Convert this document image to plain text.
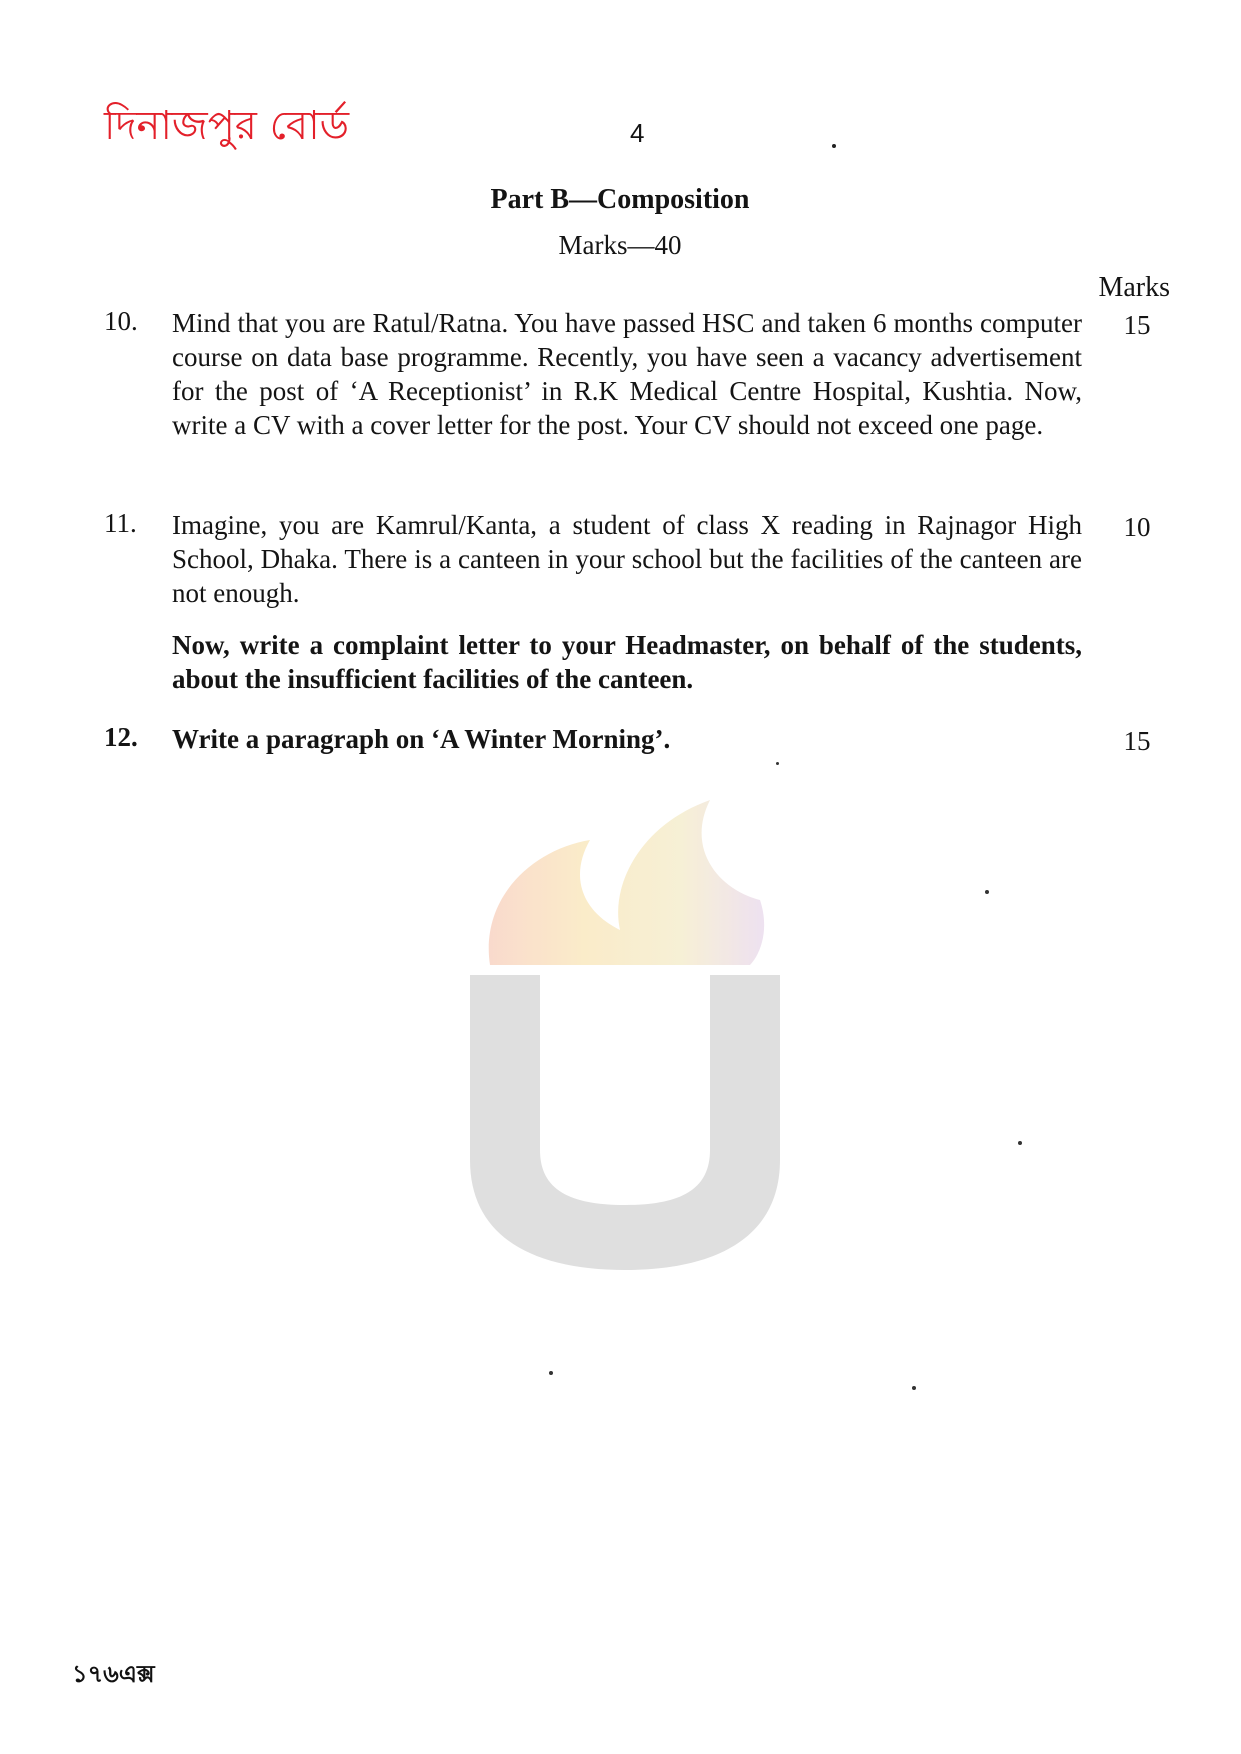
দিনাজপুর বোর্ড	4
Part B—Composition
Marks—40
Marks
10. Mind that you are Ratul/Ratna. You have passed HSC and taken 6 months computer course on data base programme. Recently, you have seen a vacancy advertisement for the post of ‘A Receptionist’ in R.K Medical Centre Hospital, Kushtia. Now, write a CV with a cover letter for the post. Your CV should not exceed one page.

15
11. Imagine, you are Kamrul/Kanta, a student of class X reading in Rajnagor High School, Dhaka. There is a canteen in your school but the facilities of the canteen are not enough.

Now, write a complaint letter to your Headmaster, on behalf of the students, about the insufficient facilities of the canteen.

10
12. Write a paragraph on ‘A Winter Morning’.	15
১৭৬এক্স
